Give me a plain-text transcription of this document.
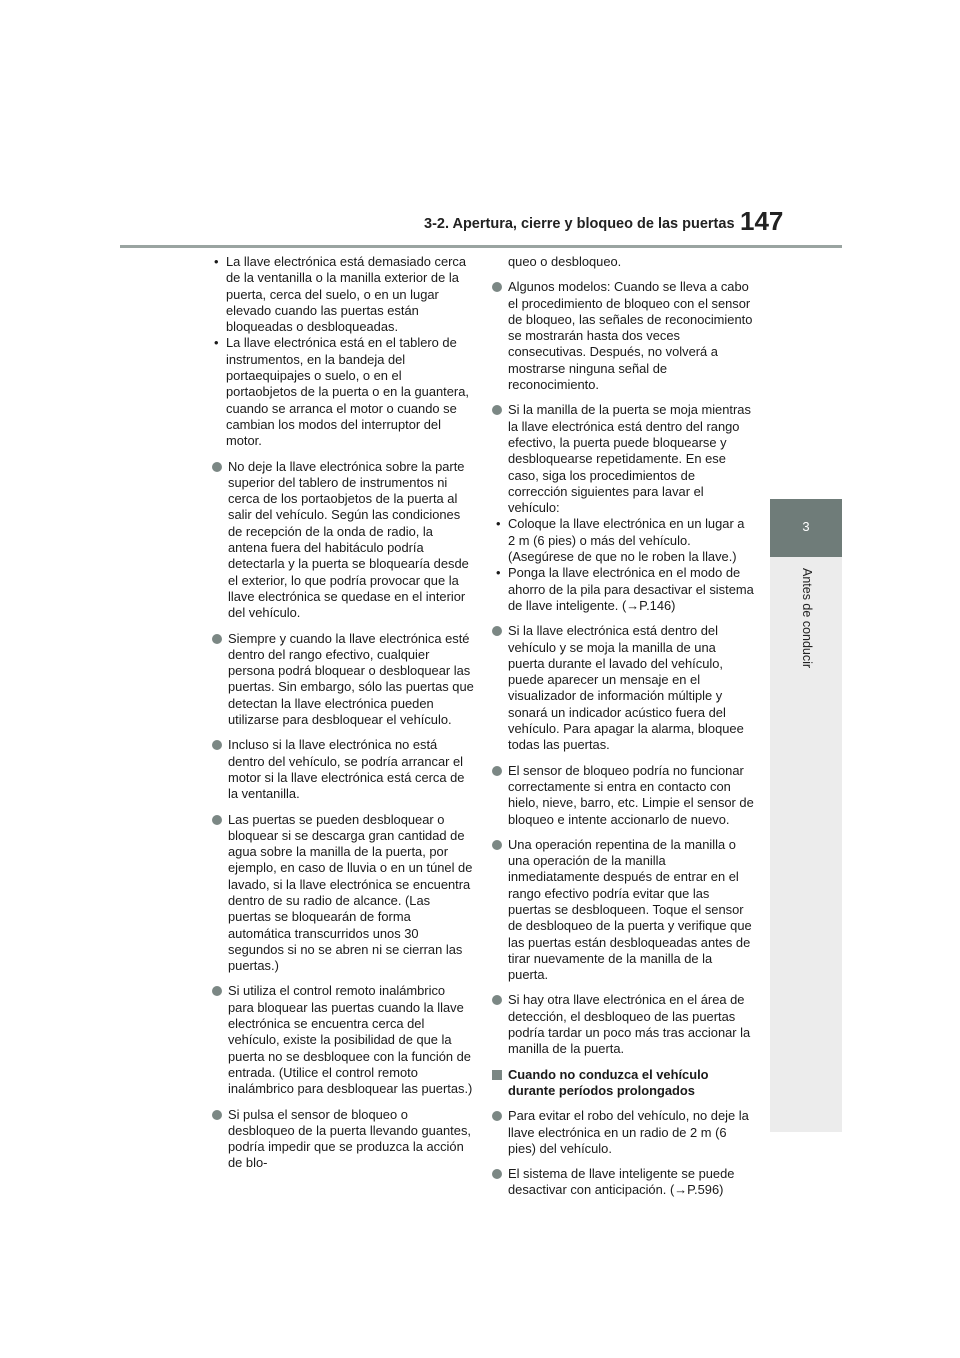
3-2. Apertura, cierre y bloqueo de las puertas 147
3
Antes de conducir
• La llave electrónica está demasiado cerca de la ventanilla o la manilla exterior de la puerta, cerca del suelo, o en un lugar elevado cuando las puertas están bloqueadas o desbloqueadas.
• La llave electrónica está en el tablero de instrumentos, en la bandeja del portaequipajes o suelo, o en el portaobjetos de la puerta o en la guantera, cuando se arranca el motor o cuando se cambian los modos del interruptor del motor.
No deje la llave electrónica sobre la parte superior del tablero de instrumentos ni cerca de los portaobjetos de la puerta al salir del vehículo. Según las condiciones de recepción de la onda de radio, la antena fuera del habitáculo podría detectarla y la puerta se bloquearía desde el exterior, lo que podría provocar que la llave electrónica se quedase en el interior del vehículo.
Siempre y cuando la llave electrónica esté dentro del rango efectivo, cualquier persona podrá bloquear o desbloquear las puertas. Sin embargo, sólo las puertas que detectan la llave electrónica pueden utilizarse para desbloquear el vehículo.
Incluso si la llave electrónica no está dentro del vehículo, se podría arrancar el motor si la llave electrónica está cerca de la ventanilla.
Las puertas se pueden desbloquear o bloquear si se descarga gran cantidad de agua sobre la manilla de la puerta, por ejemplo, en caso de lluvia o en un túnel de lavado, si la llave electrónica se encuentra dentro de su radio de alcance. (Las puertas se bloquearán de forma automática transcurridos unos 30 segundos si no se abren ni se cierran las puertas.)
Si utiliza el control remoto inalámbrico para bloquear las puertas cuando la llave electrónica se encuentra cerca del vehículo, existe la posibilidad de que la puerta no se desbloquee con la función de entrada. (Utilice el control remoto inalámbrico para desbloquear las puertas.)
Si pulsa el sensor de bloqueo o desbloqueo de la puerta llevando guantes, podría impedir que se produzca la acción de blo-
queo o desbloqueo.
Algunos modelos: Cuando se lleva a cabo el procedimiento de bloqueo con el sensor de bloqueo, las señales de reconocimiento se mostrarán hasta dos veces consecutivas. Después, no volverá a mostrarse ninguna señal de reconocimiento.
Si la manilla de la puerta se moja mientras la llave electrónica está dentro del rango efectivo, la puerta puede bloquearse y desbloquearse repetidamente. En ese caso, siga los procedimientos de corrección siguientes para lavar el vehículo:
• Coloque la llave electrónica en un lugar a 2 m (6 pies) o más del vehículo. (Asegúrese de que no le roben la llave.)
• Ponga la llave electrónica en el modo de ahorro de la pila para desactivar el sistema de llave inteligente. (→P.146)
Si la llave electrónica está dentro del vehículo y se moja la manilla de una puerta durante el lavado del vehículo, puede aparecer un mensaje en el visualizador de información múltiple y sonará un indicador acústico fuera del vehículo. Para apagar la alarma, bloquee todas las puertas.
El sensor de bloqueo podría no funcionar correctamente si entra en contacto con hielo, nieve, barro, etc. Limpie el sensor de bloqueo e intente accionarlo de nuevo.
Una operación repentina de la manilla o una operación de la manilla inmediatamente después de entrar en el rango efectivo podría evitar que las puertas se desbloqueen. Toque el sensor de desbloqueo de la puerta y verifique que las puertas están desbloqueadas antes de tirar nuevamente de la manilla de la puerta.
Si hay otra llave electrónica en el área de detección, el desbloqueo de las puertas podría tardar un poco más tras accionar la manilla de la puerta.
Cuando no conduzca el vehículo durante períodos prolongados
Para evitar el robo del vehículo, no deje la llave electrónica en un radio de 2 m (6 pies) del vehículo.
El sistema de llave inteligente se puede desactivar con anticipación. (→P.596)
